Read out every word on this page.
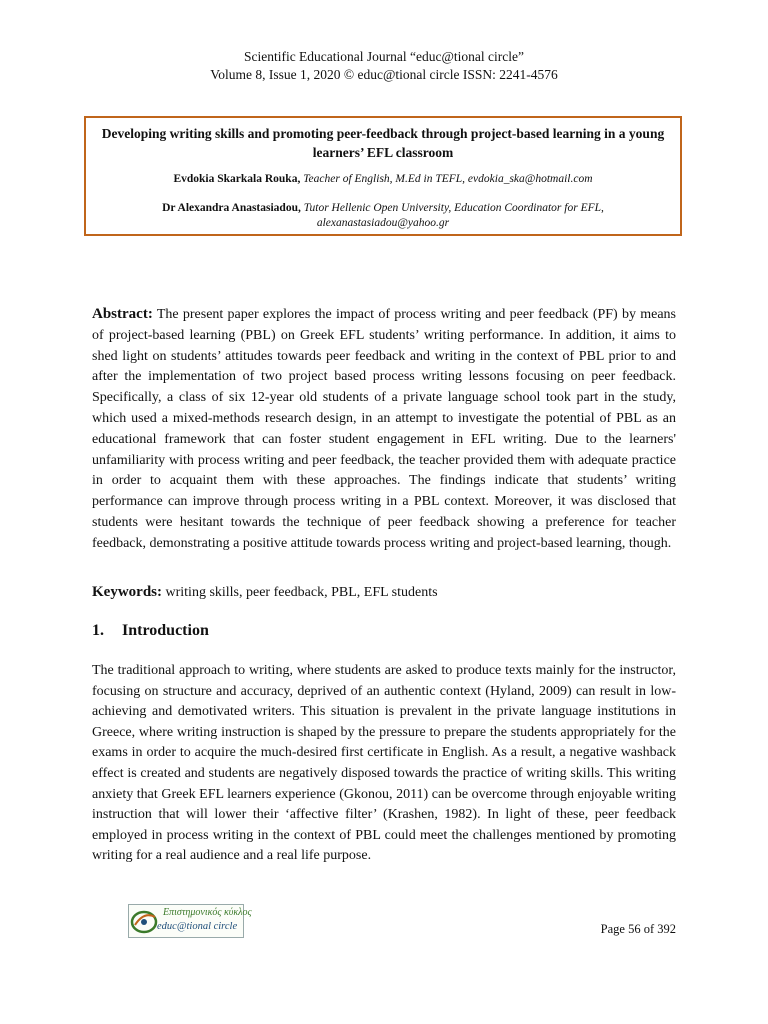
Scientific Educational Journal “educ@tional circle”
Volume 8, Issue 1, 2020 © educ@tional circle ISSN: 2241-4576

Developing writing skills and promoting peer-feedback through project-based learning in a young learners’ EFL classroom

Evdokia Skarkala Rouka, Teacher of English, M.Ed in TEFL, evdokia_ska@hotmail.com
Dr Alexandra Anastasiadou, Tutor Hellenic Open University, Education Coordinator for EFL, alexanastasiadou@yahoo.gr

Abstract: The present paper explores the impact of process writing and peer feedback (PF) by means of project-based learning (PBL) on Greek EFL students’ writing performance. In addition, it aims to shed light on students’ attitudes towards peer feedback and writing in the context of PBL prior to and after the implementation of two project based process writing lessons focusing on peer feedback. Specifically, a class of six 12-year old students of a private language school took part in the study, which used a mixed-methods research design, in an attempt to investigate the potential of PBL as an educational framework that can foster student engagement in EFL writing. Due to the learners' unfamiliarity with process writing and peer feedback, the teacher provided them with adequate practice in order to acquaint them with these approaches. The findings indicate that students’ writing performance can improve through process writing in a PBL context. Moreover, it was disclosed that students were hesitant towards the technique of peer feedback showing a preference for teacher feedback, demonstrating a positive attitude towards process writing and project-based learning, though.

Keywords: writing skills, peer feedback, PBL, EFL students

1. Introduction

The traditional approach to writing, where students are asked to produce texts mainly for the instructor, focusing on structure and accuracy, deprived of an authentic context (Hyland, 2009) can result in low-achieving and demotivated writers. This situation is prevalent in the private language institutions in Greece, where writing instruction is shaped by the pressure to prepare the students appropriately for the exams in order to acquire the much-desired first certificate in English. As a result, a negative washback effect is created and students are negatively disposed towards the practice of writing skills. This writing anxiety that Greek EFL learners experience (Gkonou, 2011) can be overcome through enjoyable writing instruction that will lower their ‘affective filter’ (Krashen, 1982). In light of these, peer feedback employed in process writing in the context of PBL could meet the challenges mentioned by promoting writing for a real audience and a real life purpose.

Επιστημονικός κύκλος
educ@tional circle	Page 56 of 392
